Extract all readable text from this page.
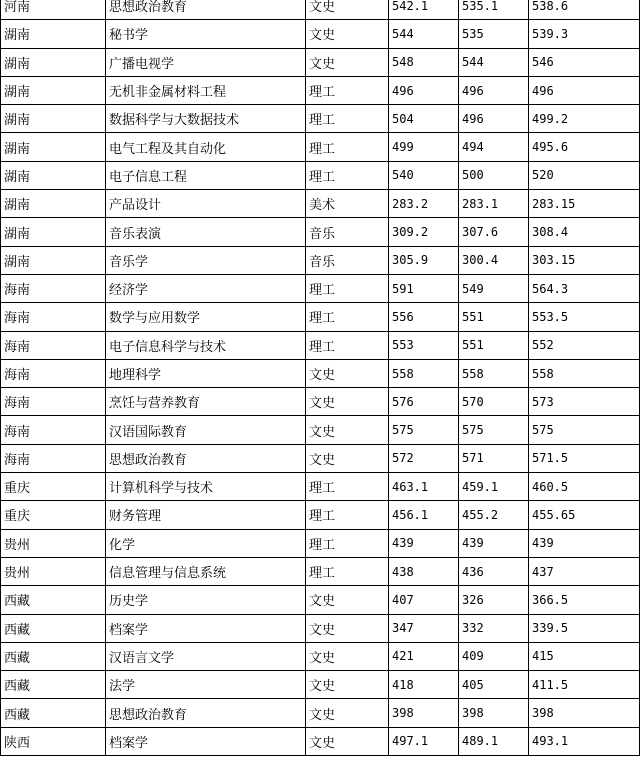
河南	思想政治教育	文史	542.1	535.1	538.6
湖南	秘书学	文史	544	535	539.3
湖南	广播电视学	文史	548	544	546
湖南	无机非金属材料工程	理工	496	496	496
湖南	数据科学与大数据技术	理工	504	496	499.2
湖南	电气工程及其自动化	理工	499	494	495.6
湖南	电子信息工程	理工	540	500	520
湖南	产品设计	美术	283.2	283.1	283.15
湖南	音乐表演	音乐	309.2	307.6	308.4
湖南	音乐学	音乐	305.9	300.4	303.15
海南	经济学	理工	591	549	564.3
海南	数学与应用数学	理工	556	551	553.5
海南	电子信息科学与技术	理工	553	551	552
海南	地理科学	文史	558	558	558
海南	烹饪与营养教育	文史	576	570	573
海南	汉语国际教育	文史	575	575	575
海南	思想政治教育	文史	572	571	571.5
重庆	计算机科学与技术	理工	463.1	459.1	460.5
重庆	财务管理	理工	456.1	455.2	455.65
贵州	化学	理工	439	439	439
贵州	信息管理与信息系统	理工	438	436	437
西藏	历史学	文史	407	326	366.5
西藏	档案学	文史	347	332	339.5
西藏	汉语言文学	文史	421	409	415
西藏	法学	文史	418	405	411.5
西藏	思想政治教育	文史	398	398	398
陕西	档案学	文史	497.1	489.1	493.1
